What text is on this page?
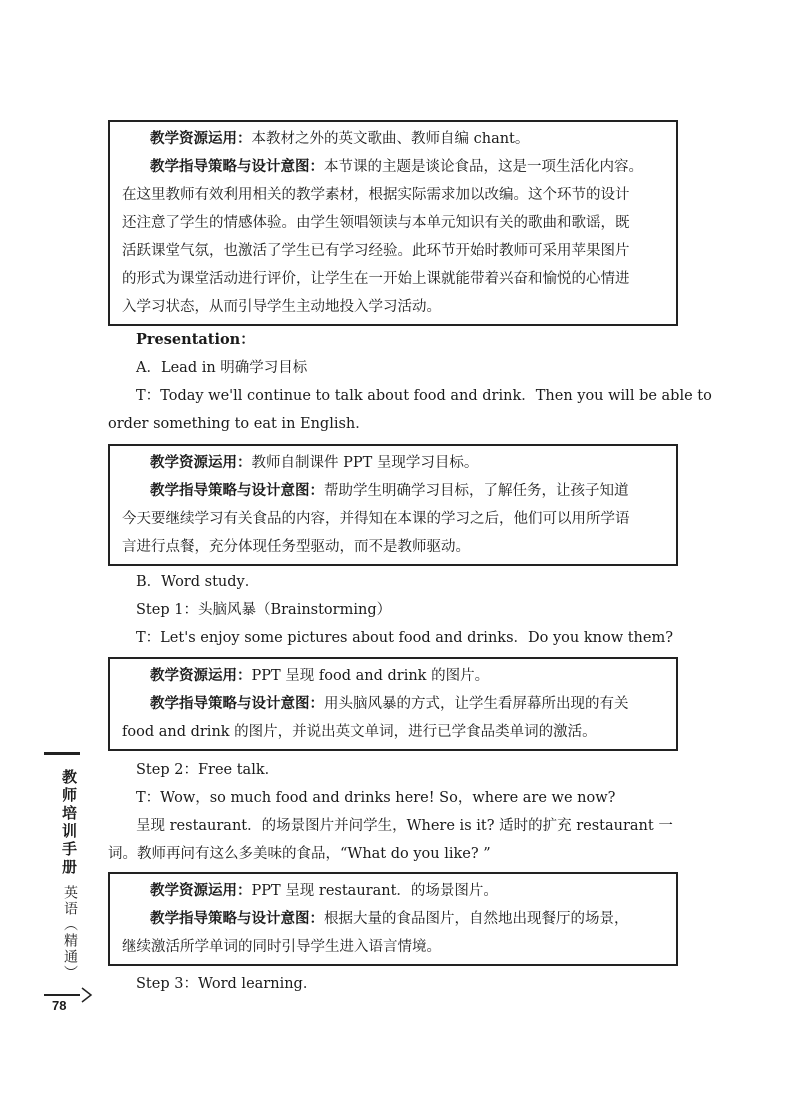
教学资源运用：本教材之外的英文歌曲、教师自编 chant。
教学指导策略与设计意图：本节课的主题是谈论食品，这是一项生活化内容。
在这里教师有效利用相关的教学素材，根据实际需求加以改编。这个环节的设计
还注意了学生的情感体验。由学生领唱领读与本单元知识有关的歌曲和歌谣，既
活跃课堂气氛，也激活了学生已有学习经验。此环节开始时教师可采用苹果图片
的形式为课堂活动进行评价，让学生在一开始上课就能带着兴奋和愉悦的心情进
入学习状态，从而引导学生主动地投入学习活动。
Presentation：
A．Lead in 明确学习目标
T：Today we'll continue to talk about food and drink．Then you will be able to
order something to eat in English．
教学资源运用：教师自制课件 PPT 呈现学习目标。
教学指导策略与设计意图：帮助学生明确学习目标，了解任务，让孩子知道
今天要继续学习有关食品的内容，并得知在本课的学习之后，他们可以用所学语
言进行点餐，充分体现任务型驱动，而不是教师驱动。
B．Word study．
Step 1：头脑风暴（Brainstorming）
T：Let's enjoy some pictures about food and drinks．Do you know them?
教学资源运用：PPT 呈现 food and drink 的图片。
教学指导策略与设计意图：用头脑风暴的方式，让学生看屏幕所出现的有关
food and drink 的图片，并说出英文单词，进行已学食品类单词的激活。
Step 2：Free talk．
T：Wow，so much food and drinks here! So，where are we now?
呈现 restaurant．的场景图片并问学生，Where is it? 适时的扩充 restaurant 一
词。教师再问有这么多美味的食品，“What do you like? ”
教学资源运用：PPT 呈现 restaurant．的场景图片。
教学指导策略与设计意图：根据大量的食品图片，自然地出现餐厅的场景，
继续激活所学单词的同时引导学生进入语言情境。
Step 3：Word learning．
教师培训手册
英语（精通）
78
